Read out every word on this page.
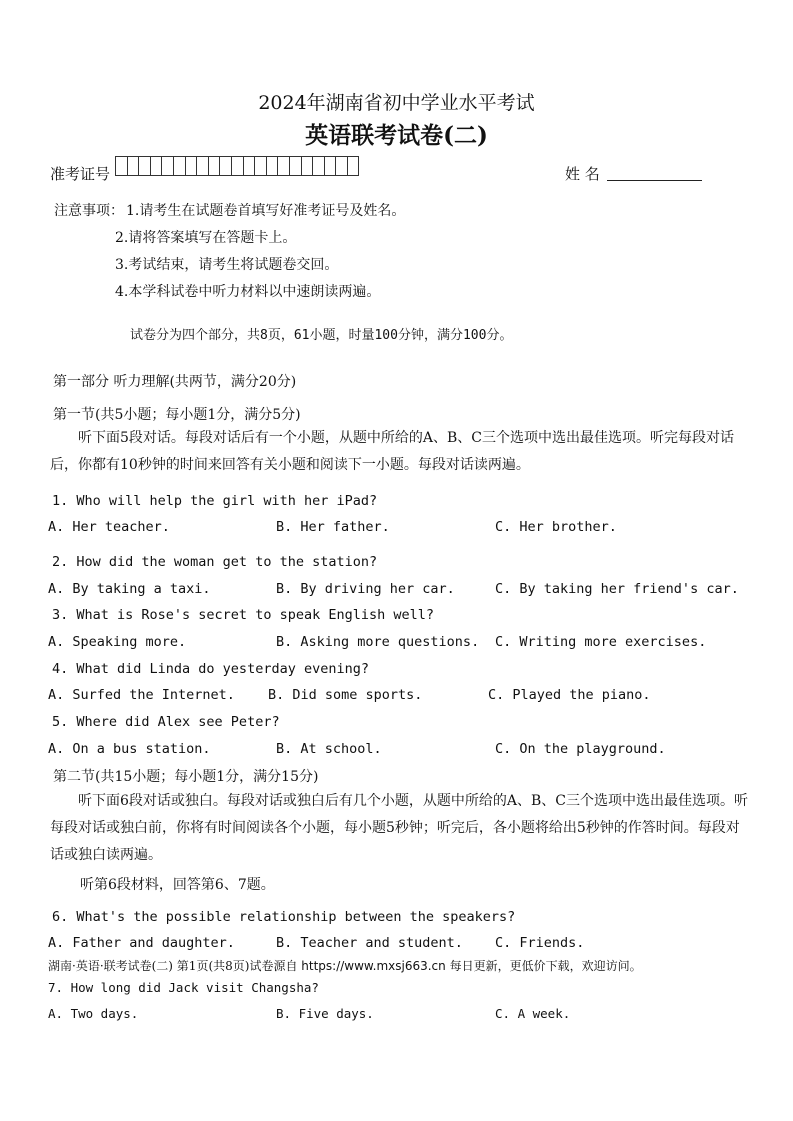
2024年湖南省初中学业水平考试
英语联考试卷(二)
准考证号	姓 名
注意事项： 1.请考生在试题卷首填写好准考证号及姓名。
2.请将答案填写在答题卡上。
3.考试结束，请考生将试题卷交回。
4.本学科试卷中听力材料以中速朗读两遍。
试卷分为四个部分，共8页，61小题，时量100分钟，满分100分。
第一部分 听力理解(共两节，满分20分)
第一节(共5小题；每小题1分，满分5分)
听下面5段对话。每段对话后有一个小题，从题中所给的A、B、C三个选项中选出最佳选项。听完每段对话后，你都有10秒钟的时间来回答有关小题和阅读下一小题。每段对话读两遍。
1. Who will help the girl with her iPad?
A. Her teacher.	B. Her father.	C. Her brother.
2. How did the woman get to the station?
A. By taking a taxi.	B. By driving her car.	C. By taking her friend's car.
3. What is Rose's secret to speak English well?
A. Speaking more.	B. Asking more questions. C. Writing more exercises.
4. What did Linda do yesterday evening?
A. Surfed the Internet. B. Did some sports.	C. Played the piano.
5. Where did Alex see Peter?
A. On a bus station.	B. At school.	C. On the playground.
第二节(共15小题；每小题1分，满分15分)
听下面6段对话或独白。每段对话或独白后有几个小题，从题中所给的A、B、C三个选项中选出最佳选项。听每段对话或独白前，你将有时间阅读各个小题，每小题5秒钟；听完后，各小题将给出5秒钟的作答时间。每段对话或独白读两遍。
听第6段材料，回答第6、7题。
6. What's the possible relationship between the speakers?
A. Father and daughter.	B. Teacher and student. C. Friends.
湖南·英语·联考试卷(二) 第1页(共8页)试卷源自 https://www.mxsj663.cn 每日更新，更低价下载，欢迎访问。
7. How long did Jack visit Changsha?
A. Two days.	B. Five days.	C. A week.
